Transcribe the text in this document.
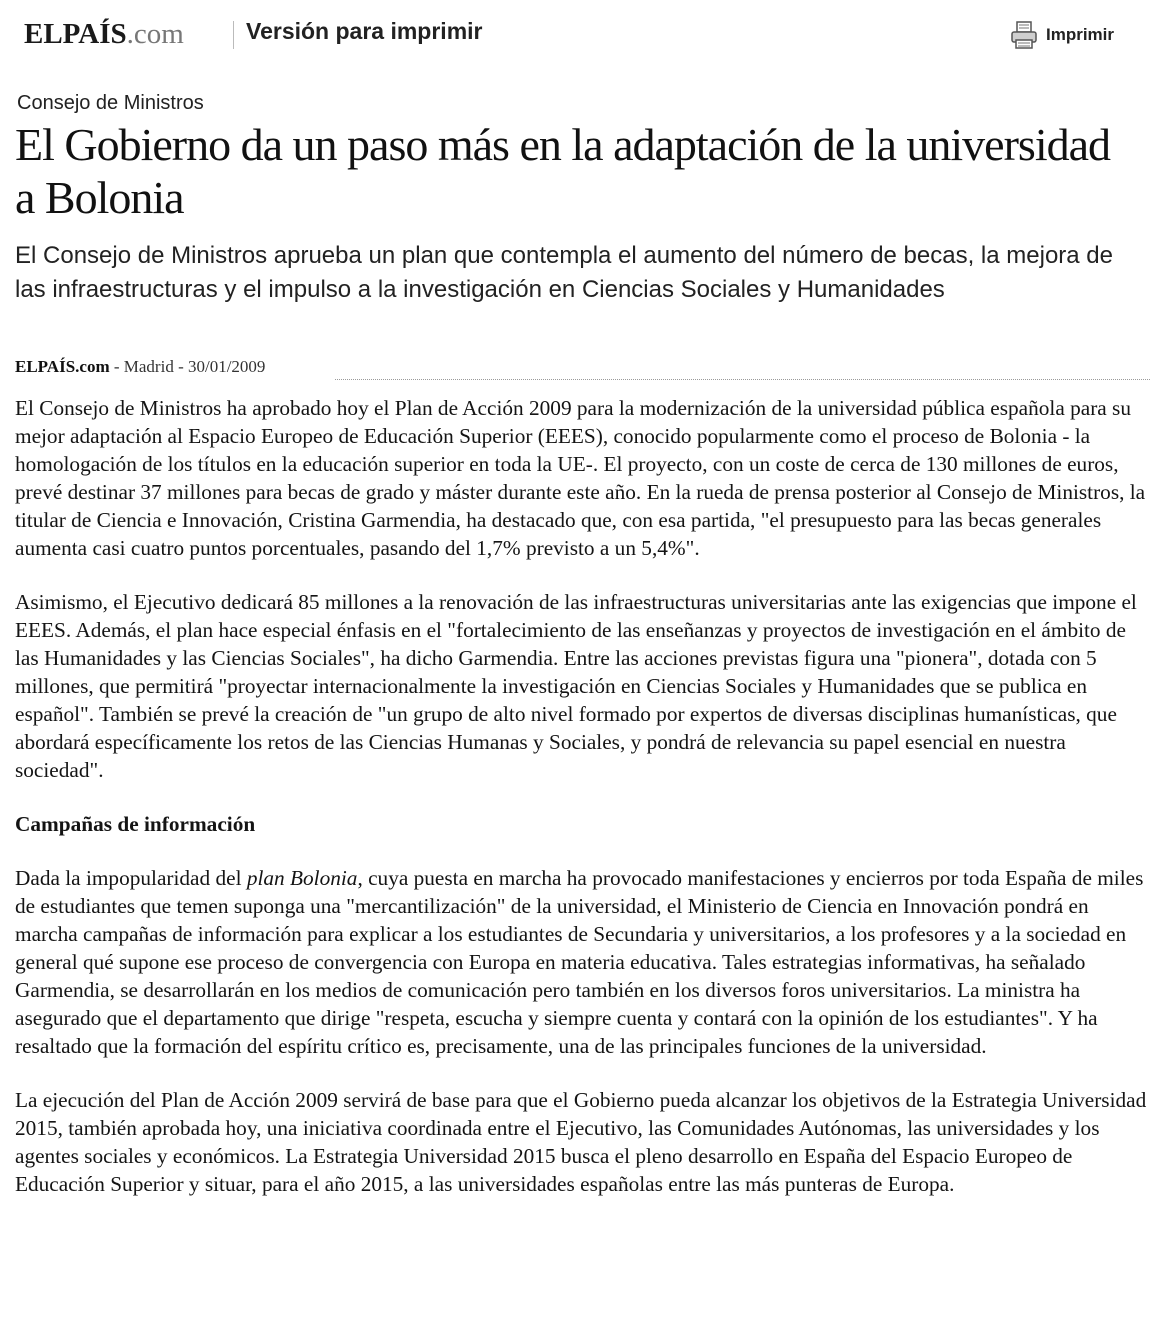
ELPAÍS.com	Versión para imprimir	Imprimir
Consejo de Ministros
El Gobierno da un paso más en la adaptación de la universidad a Bolonia

El Consejo de Ministros aprueba un plan que contempla el aumento del número de becas, la mejora de las infraestructuras y el impulso a la investigación en Ciencias Sociales y Humanidades

ELPAÍS.com - Madrid - 30/01/2009

El Consejo de Ministros ha aprobado hoy el Plan de Acción 2009 para la modernización de la universidad pública española para su mejor adaptación al Espacio Europeo de Educación Superior (EEES), conocido popularmente como el proceso de Bolonia - la homologación de los títulos en la educación superior en toda la UE-. El proyecto, con un coste de cerca de 130 millones de euros, prevé destinar 37 millones para becas de grado y máster durante este año. En la rueda de prensa posterior al Consejo de Ministros, la titular de Ciencia e Innovación, Cristina Garmendia, ha destacado que, con esa partida, "el presupuesto para las becas generales aumenta casi cuatro puntos porcentuales, pasando del 1,7% previsto a un 5,4%".

Asimismo, el Ejecutivo dedicará 85 millones a la renovación de las infraestructuras universitarias ante las exigencias que impone el EEES. Además, el plan hace especial énfasis en el "fortalecimiento de las enseñanzas y proyectos de investigación en el ámbito de las Humanidades y las Ciencias Sociales", ha dicho Garmendia. Entre las acciones previstas figura una "pionera", dotada con 5 millones, que permitirá "proyectar internacionalmente la investigación en Ciencias Sociales y Humanidades que se publica en español". También se prevé la creación de "un grupo de alto nivel formado por expertos de diversas disciplinas humanísticas, que abordará específicamente los retos de las Ciencias Humanas y Sociales, y pondrá de relevancia su papel esencial en nuestra sociedad".

Campañas de información

Dada la impopularidad del plan Bolonia, cuya puesta en marcha ha provocado manifestaciones y encierros por toda España de miles de estudiantes que temen suponga una "mercantilización" de la universidad, el Ministerio de Ciencia en Innovación pondrá en marcha campañas de información para explicar a los estudiantes de Secundaria y universitarios, a los profesores y a la sociedad en general qué supone ese proceso de convergencia con Europa en materia educativa. Tales estrategias informativas, ha señalado Garmendia, se desarrollarán en los medios de comunicación pero también en los diversos foros universitarios. La ministra ha asegurado que el departamento que dirige "respeta, escucha y siempre cuenta y contará con la opinión de los estudiantes". Y ha resaltado que la formación del espíritu crítico es, precisamente, una de las principales funciones de la universidad.

La ejecución del Plan de Acción 2009 servirá de base para que el Gobierno pueda alcanzar los objetivos de la Estrategia Universidad 2015, también aprobada hoy, una iniciativa coordinada entre el Ejecutivo, las Comunidades Autónomas, las universidades y los agentes sociales y económicos. La Estrategia Universidad 2015 busca el pleno desarrollo en España del Espacio Europeo de Educación Superior y situar, para el año 2015, a las universidades españolas entre las más punteras de Europa.
